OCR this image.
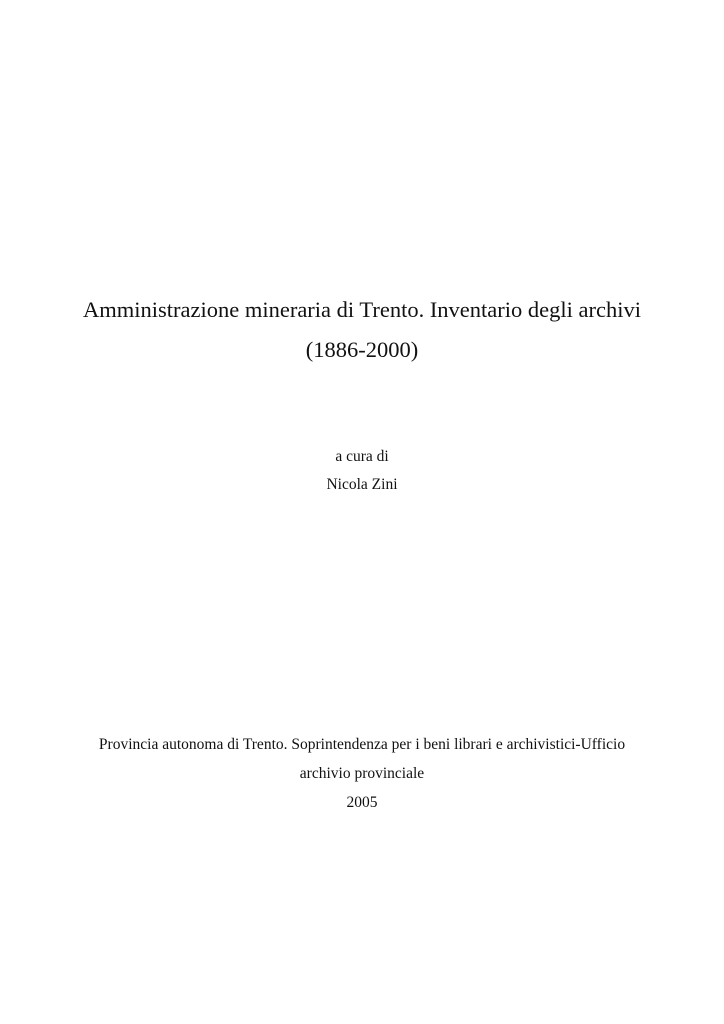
Amministrazione mineraria di Trento. Inventario degli archivi
(1886-2000)
a cura di
Nicola Zini
Provincia autonoma di Trento. Soprintendenza per i beni librari e archivistici-Ufficio
archivio provinciale
2005
